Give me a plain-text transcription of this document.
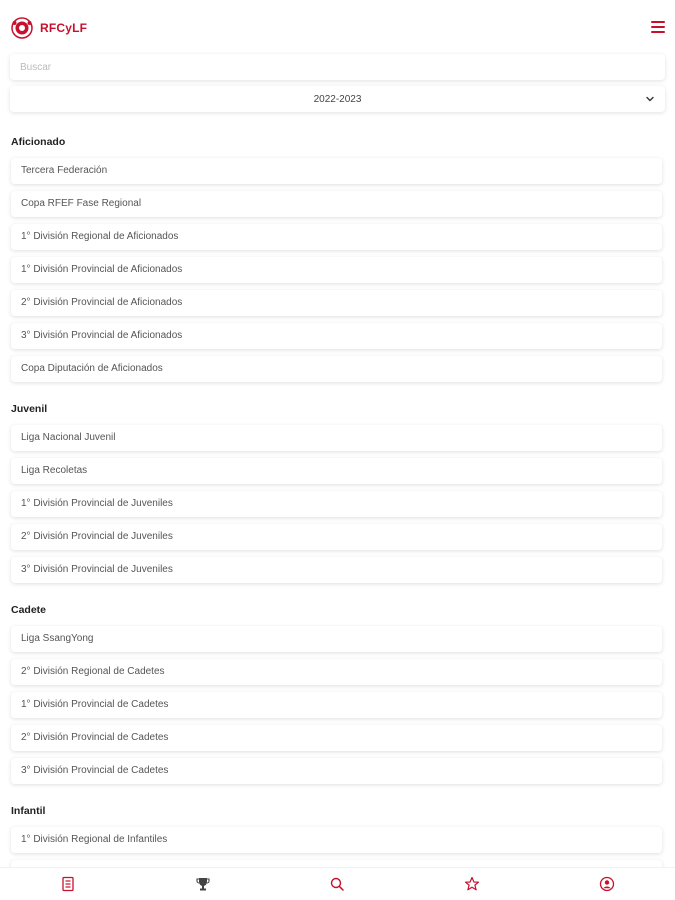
RFCyLF
Buscar
2022-2023
Aficionado
Tercera Federación
Copa RFEF Fase Regional
1° División Regional de Aficionados
1° División Provincial de Aficionados
2° División Provincial de Aficionados
3° División Provincial de Aficionados
Copa Diputación de Aficionados
Juvenil
Liga Nacional Juvenil
Liga Recoletas
1° División Provincial de Juveniles
2° División Provincial de Juveniles
3° División Provincial de Juveniles
Cadete
Liga SsangYong
2° División Regional de Cadetes
1° División Provincial de Cadetes
2° División Provincial de Cadetes
3° División Provincial de Cadetes
Infantil
1° División Regional de Infantiles
